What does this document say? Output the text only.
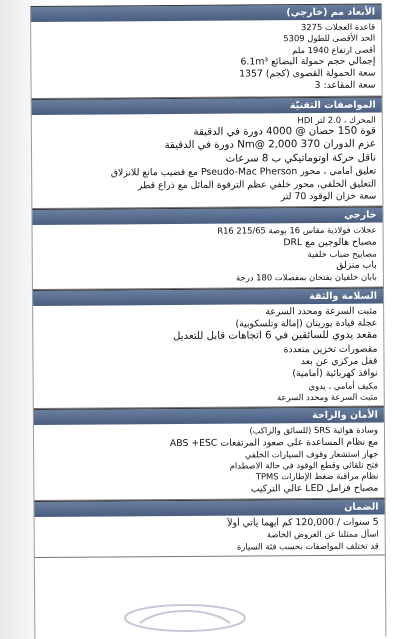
الأبعاد مم (خارجي)
قاعدة العجلات 3275
الحد الأقصى للطول 5309
أقصى ارتفاع 1940 ملم
إجمالي حجم حمولة البضائع 6.1m³
سعة الحمولة القصوى (كجم) 1357
سعة المقاعد: 3
المواصفات التقنيّة
المحرك ، 2.0 لتر HDI
قوة 150 حصان @ 4000 دورة في الدقيقة
عزم الدوران 370 Nm@ 2,000 دورة في الدقيقة
ناقل حركة أوتوماتيكي ب 8 سرعات
تعليق أمامي ، محور Pseudo-Mac Pherson مع قضيب مانع للانزلاق
التعليق الخلفي، محور خلفي عظم الترقوة المائل مع ذراع قطر
سعة خزان الوقود 70 لتر
خارجي
عجلات فولاذية مقاس 16 بوصة R16 215/65
مصباح هالوجين مع DRL
مصابيح ضباب خلفية
باب منزلق
بابان خلفيان بفتحان بمفصلات 180 درجة
السلامة والثقة
مثبت السرعة ومحدد السرعة
عجلة قيادة يوريتان (إمالة وتلسكوبية)
مقعد يدوي للسائقين في 6 اتجاهات قابل للتعديل
مقصورات تخزين متعددة
قفل مركزي عن بعد
نوافذ كهربائية (أمامية)
مكيف أمامي ، يدوي
مثبت السرعة ومحدد السرعة
الأمان والراحة
وسادة هوائية SRS (للسائق والراكب)
مع نظام المساعدة على صعود المرتفعات ABS +ESC
جهاز استشعار وقوف السيارات الخلفي
فتح تلقائي وقطع الوقود في حالة الاصطدام
نظام مراقبة ضغط الإطارات TPMS
مصباح فرامل LED عالي التركيب
الضمان
5 سنوات / 120,000 كم أيهما يأتي أولاً
اسأل ممثلنا عن العروض الخاصة
قد تختلف المواصفات بحسب فئة السيارة
